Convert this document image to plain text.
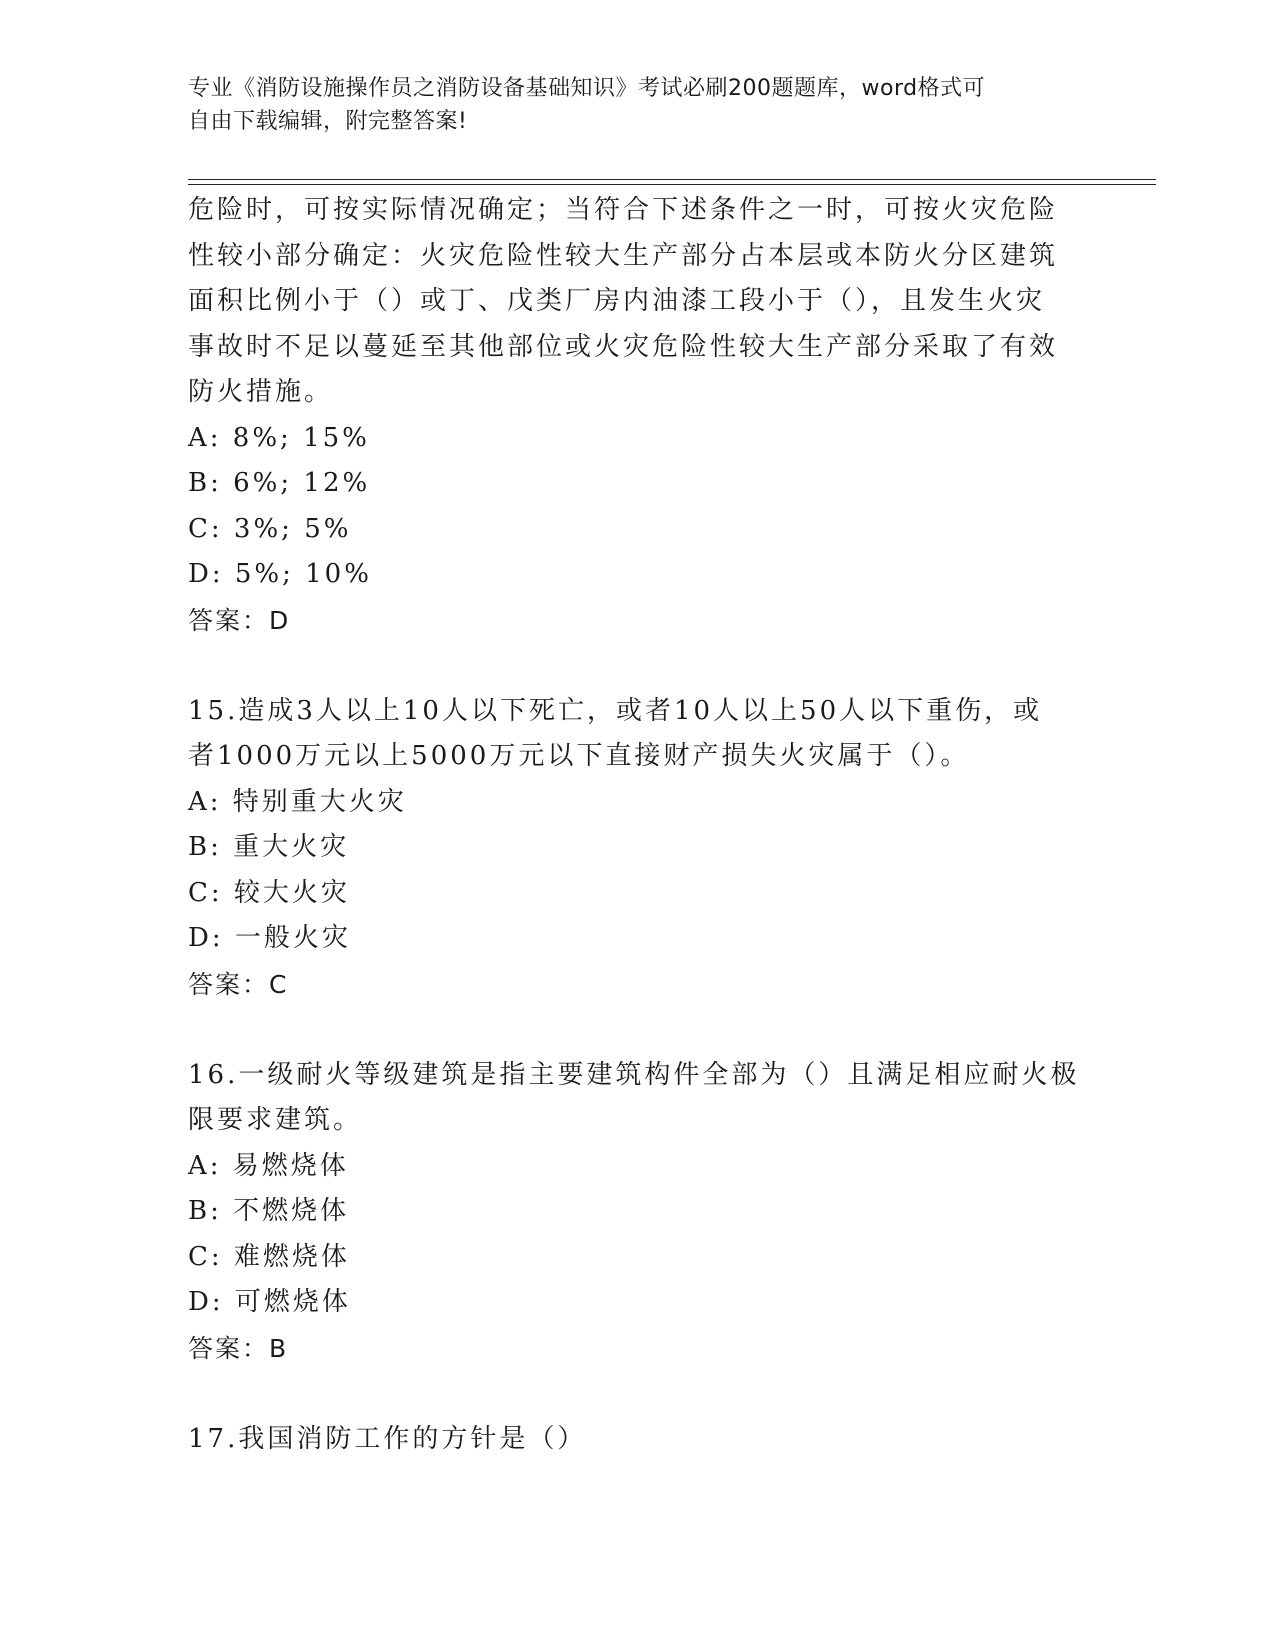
专业《消防设施操作员之消防设备基础知识》考试必刷200题题库，word格式可
自由下载编辑，附完整答案!
危险时，可按实际情况确定；当符合下述条件之一时，可按火灾危险
性较小部分确定：火灾危险性较大生产部分占本层或本防火分区建筑
面积比例小于（）或丁、戊类厂房内油漆工段小于（），且发生火灾
事故时不足以蔓延至其他部位或火灾危险性较大生产部分采取了有效
防火措施。
A: 8%; 15%
B: 6%; 12%
C: 3%; 5%
D: 5%; 10%
答案：D
15.造成3人以上10人以下死亡，或者10人以上50人以下重伤，或
者1000万元以上5000万元以下直接财产损失火灾属于（）。
A: 特别重大火灾
B: 重大火灾
C: 较大火灾
D: 一般火灾
答案：C
16.一级耐火等级建筑是指主要建筑构件全部为（）且满足相应耐火极
限要求建筑。
A: 易燃烧体
B: 不燃烧体
C: 难燃烧体
D: 可燃烧体
答案：B
17.我国消防工作的方针是（）
